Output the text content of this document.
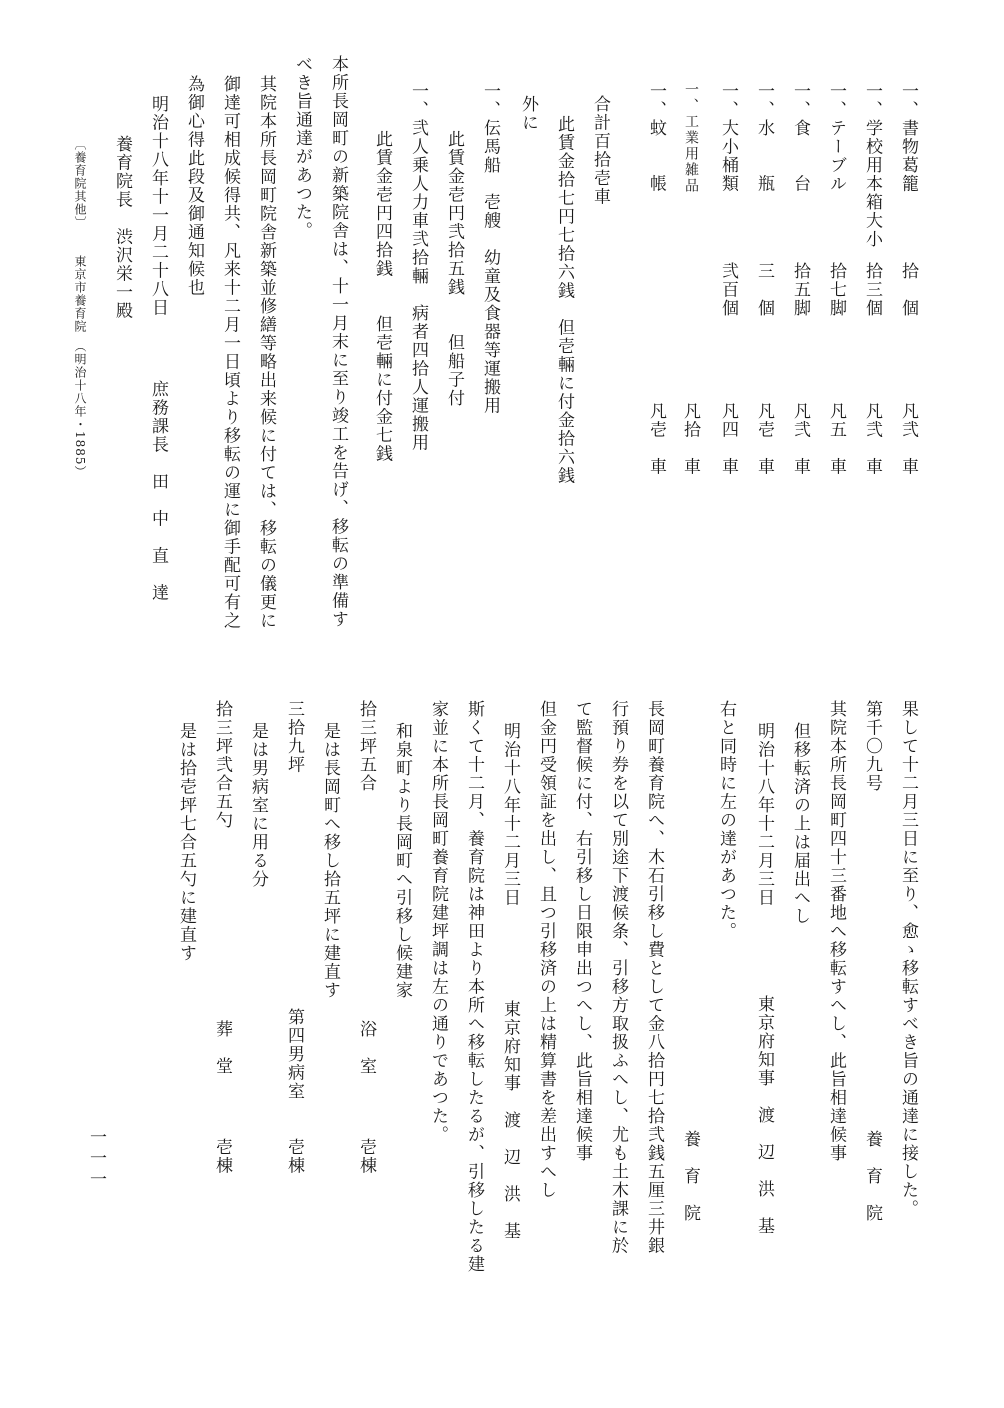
一、書物葛籠
一、学校用本箱大小
一、テーブル
一、食　　台
一、水　　瓶
一、大小桶類
一、工業用雑品
一、蚊　　帳
拾　個
拾三個
拾七脚
拾五脚
三　個
弐百個
凡弐　車
凡弐　車
凡五　車
凡弐　車
凡壱　車
凡四　車
凡拾　車
凡壱　車
合計百拾壱車
此賃金拾七円七拾六銭　但壱輛に付金拾六銭
外に
一、伝馬船　壱艘　幼童及食器等運搬用
此賃金壱円弐拾五銭　　但船子付
一、弐人乗人力車弐拾輛　病者四拾人運搬用
此賃金壱円四拾銭　　但壱輛に付金七銭
本所長岡町の新築院舎は、十一月末に至り竣工を告げ、移転の準備す
べき旨通達があつた。
其院本所長岡町院舎新築並修繕等略出来候に付ては、移転の儀更に
御達可相成候得共、凡来十二月一日頃より移転の運に御手配可有之
為御心得此段及御通知候也
明治十八年十一月二十八日
庶務課長　田　中　直　達
養育院長　渋沢栄一殿
〔養育院其他〕
東京市養育院　（明治十八年・1885）
果して十二月三日に至り、愈ゝ移転すべき旨の通達に接した。
第千〇九号
養　育　院
其院本所長岡町四十三番地へ移転すへし、此旨相達候事
但移転済の上は届出へし
明治十八年十二月三日
東京府知事　渡　辺　洪　基
右と同時に左の達があつた。
養　育　院
長岡町養育院へ、木石引移し費として金八拾円七拾弐銭五厘三井銀
行預り券を以て別途下渡候条、引移方取扱ふへし、尤も土木課に於
て監督候に付、右引移し日限申出つへし、此旨相達候事
但金円受領証を出し、且つ引移済の上は精算書を差出すへし
明治十八年十二月三日
東京府知事　渡　辺　洪　基
斯くて十二月、養育院は神田より本所へ移転したるが、引移したる建
家並に本所長岡町養育院建坪調は左の通りであつた。
和泉町より長岡町へ引移し候建家
拾三坪五合
浴　室
壱棟
是は長岡町へ移し拾五坪に建直す
三拾九坪
第四男病室
壱棟
是は男病室に用る分
拾三坪弐合五勺
葬　堂
壱棟
是は拾壱坪七合五勺に建直す
一一一
